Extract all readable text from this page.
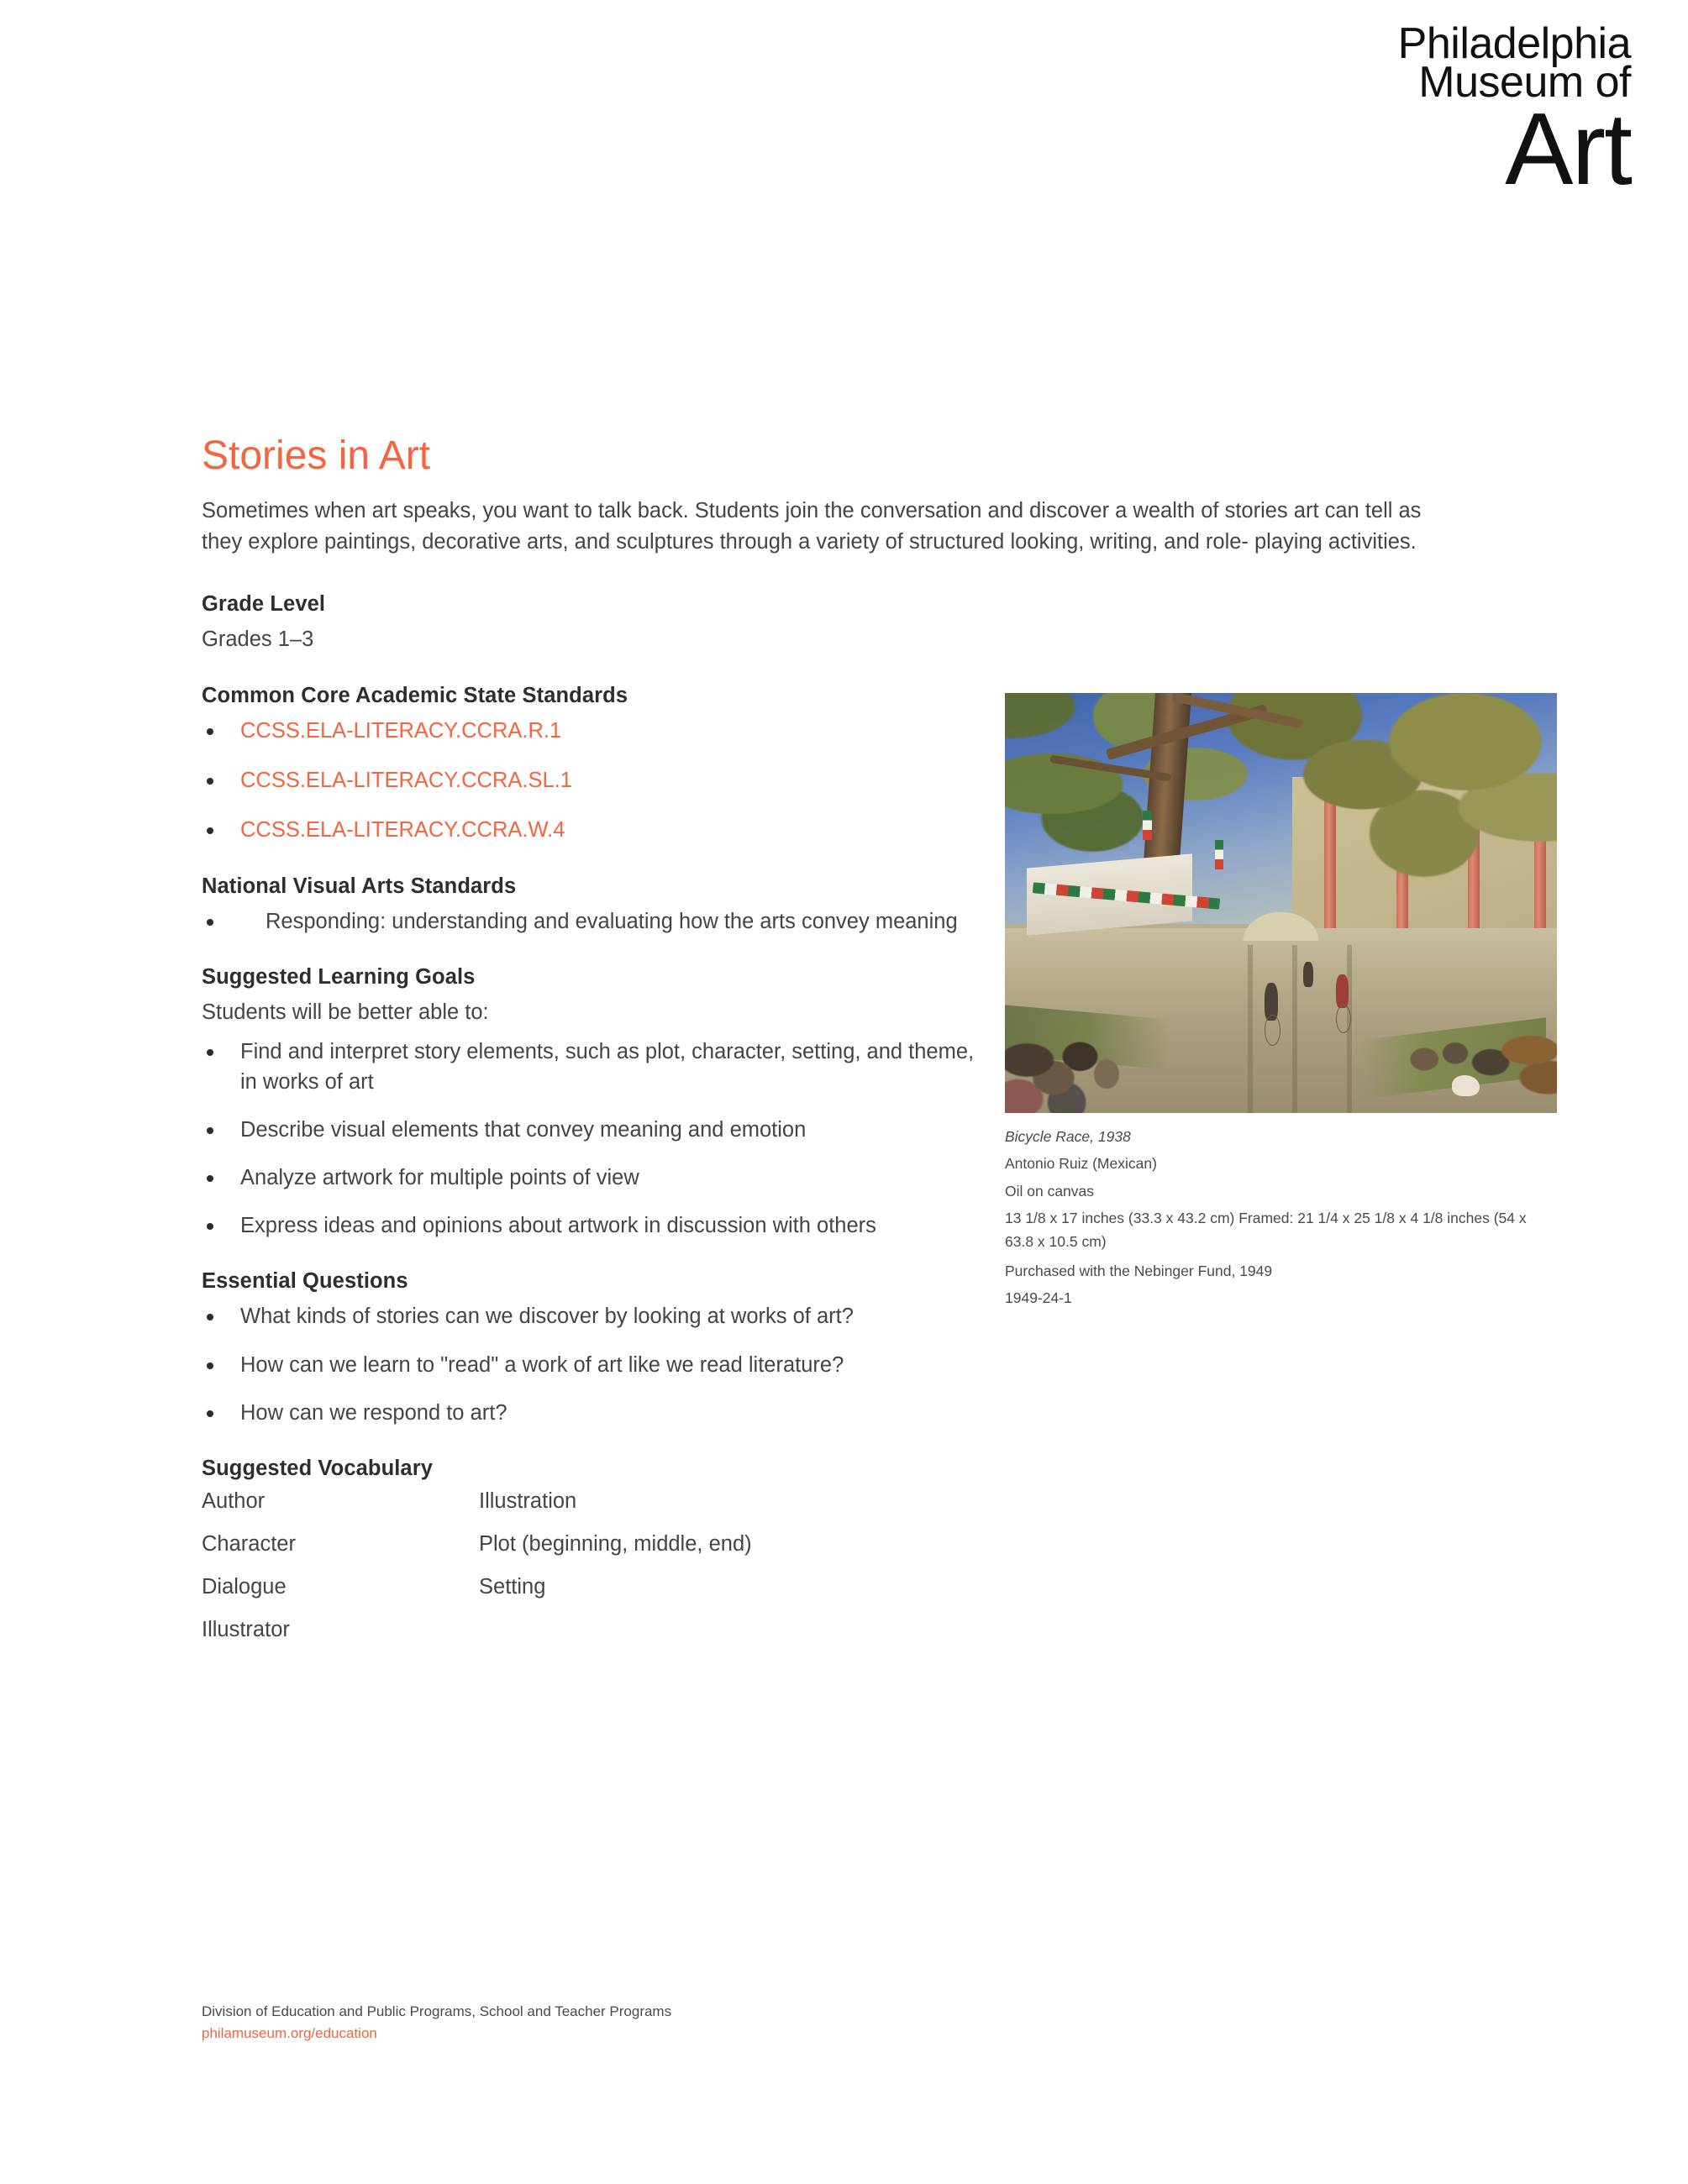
Philadelphia
Museum of
Art
Stories in Art

Sometimes when art speaks, you want to talk back. Students join the conversation and discover a wealth of stories art can tell as they explore paintings, decorative arts, and sculptures through a variety of structured looking, writing, and role- playing activities.

Grade Level

Grades 1–3

Common Core Academic State Standards
CCSS.ELA-LITERACY.CCRA.R.1
CCSS.ELA-LITERACY.CCRA.SL.1
CCSS.ELA-LITERACY.CCRA.W.4
National Visual Arts Standards
Responding: understanding and evaluating how the arts convey meaning
Suggested Learning Goals

Students will be better able to:

Find and interpret story elements, such as plot, character, setting, and theme, in works of art
Describe visual elements that convey meaning and emotion
Analyze artwork for multiple points of view
Express ideas and opinions about artwork in discussion with others
Essential Questions
What kinds of stories can we discover by looking at works of art?
How can we learn to "read" a work of art like we read literature?
How can we respond to art?
Suggested Vocabulary
Author	Illustration
Character	Plot (beginning, middle, end)
Dialogue	Setting
Illustrator
Bicycle Race, 1938
Antonio Ruiz (Mexican)
Oil on canvas
13 1/8 x 17 inches (33.3 x 43.2 cm) Framed: 21 1/4 x 25 1/8 x 4 1/8 inches (54 x 63.8 x 10.5 cm)
Purchased with the Nebinger Fund, 1949
1949-24-1
Division of Education and Public Programs, School and Teacher Programs
philamuseum.org/education
